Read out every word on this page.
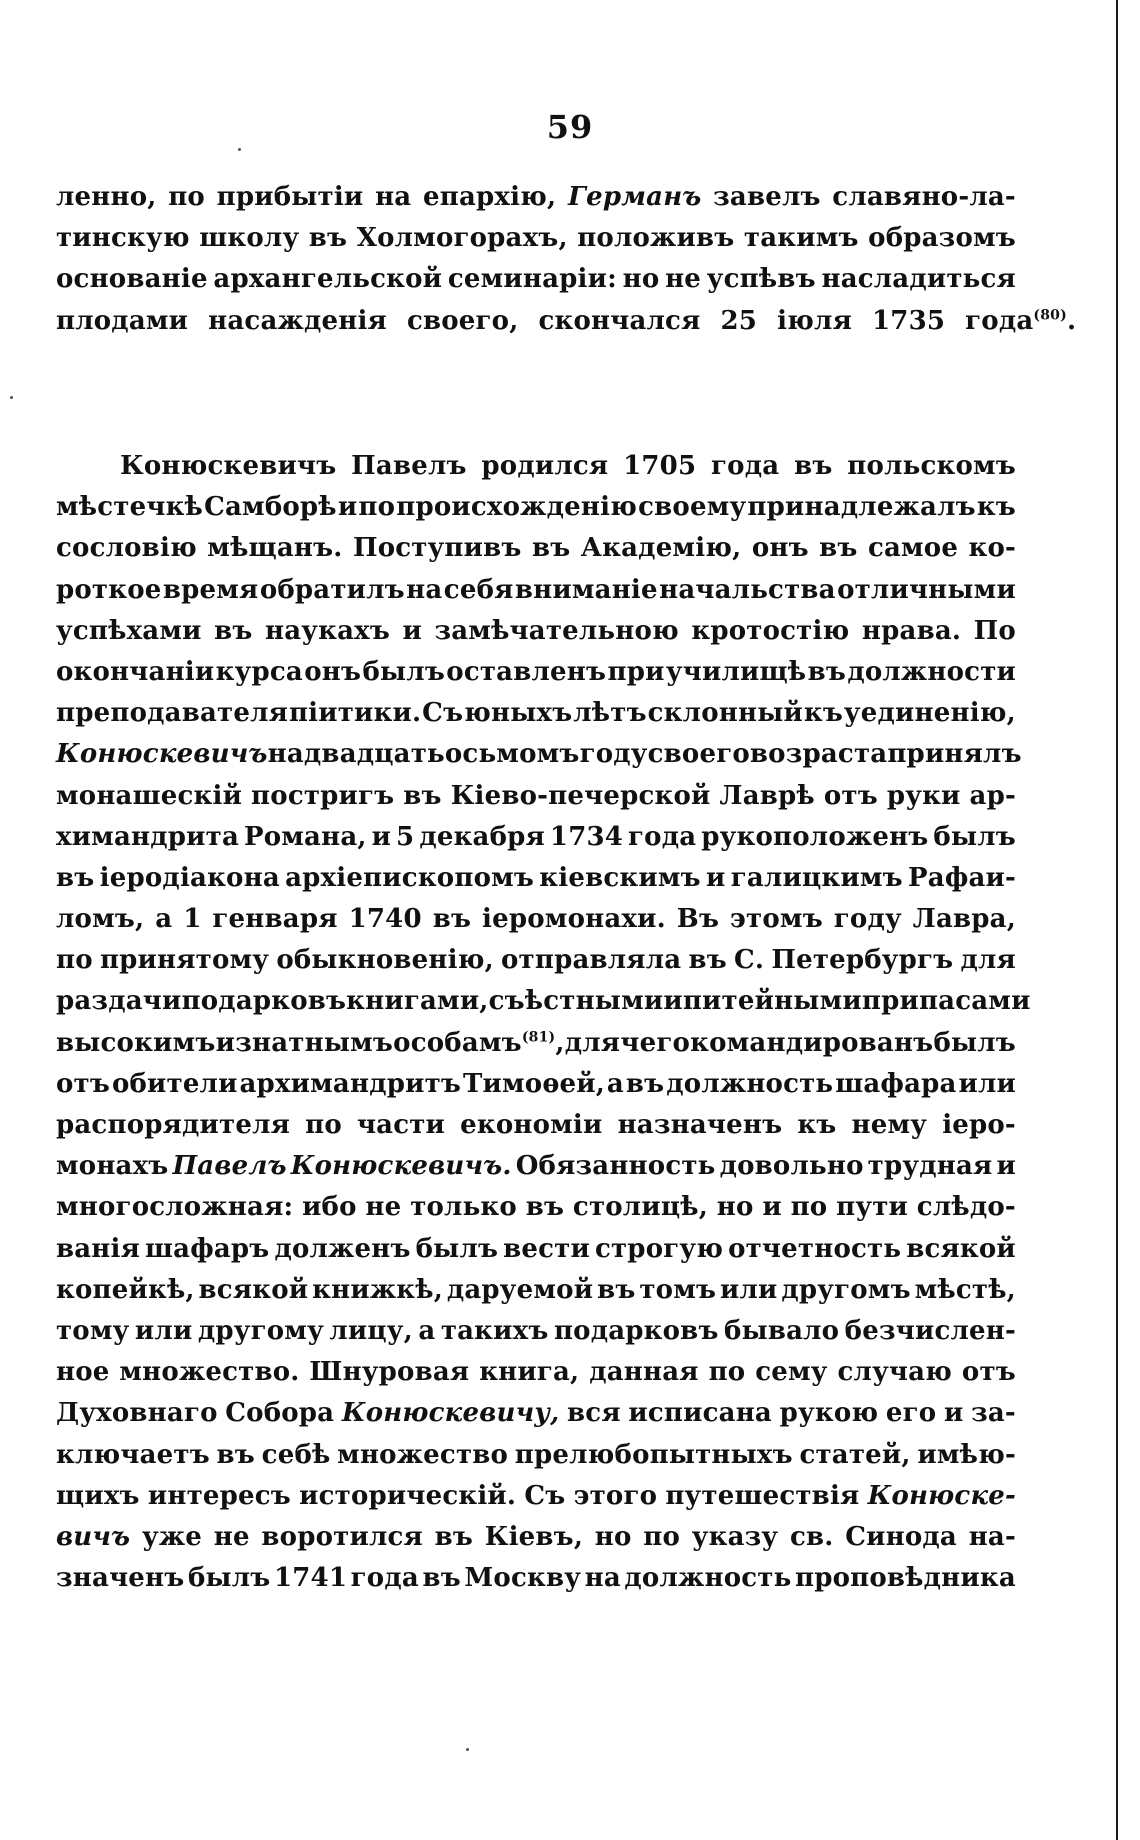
59
ленно, по прибытіи на епархію, Германъ завелъ славяно-ла-
тинскую школу въ Холмогорахъ, положивъ такимъ образомъ
основаніе архангельской семинаріи: но не успѣвъ насладиться
плодами насажденія своего, скончался 25 іюля 1735 года$^{(80)}$.
Конюскевичъ Павелъ родился 1705 года въ польскомъ
мѣстечкѣ Самборѣ и по происхожденію своему принадлежалъ къ
сословію мѣщанъ. Поступивъ въ Академію, онъ въ самое ко-
роткое время обратилъ на себя вниманіе начальства отличными
успѣхами въ наукахъ и замѣчательною кротостію нрава. По
окончаніи курса онъ былъ оставленъ при училищѣ въ должности
преподавателя піитики. Съ юныхъ лѣтъ склонный къ уединенію,
Конюскевичъ на двадцать осьмомъ году своего возраста принялъ
монашескій постригъ въ Кіево-печерской Лаврѣ отъ руки ар-
химандрита Романа, и 5 декабря 1734 года рукоположенъ былъ
въ іеродіакона архіепископомъ кіевскимъ и галицкимъ Рафаи-
ломъ, а 1 генваря 1740 въ іеромонахи. Въ этомъ году Лавра,
по принятому обыкновенію, отправляла въ С. Петербургъ для
раздачи подарковъ книгами, съѣстными и питейными припасами
высокимъ и знатнымъ особамъ$^{(81)}$, для чего командированъ былъ
отъ обители архимандритъ Тимоѳей, а въ должность шафара или
распорядителя по части економіи назначенъ къ нему іеро-
монахъ Павелъ Конюскевичъ. Обязанность довольно трудная и
многосложная: ибо не только въ столицѣ, но и по пути слѣдо-
ванія шафаръ долженъ былъ вести строгую отчетность всякой
копейкѣ, всякой книжкѣ, даруемой въ томъ или другомъ мѣстѣ,
тому или другому лицу, а такихъ подарковъ бывало безчислен-
ное множество. Шнуровая книга, данная по сему случаю отъ
Духовнаго Собора Конюскевичу, вся исписана рукою его и за-
ключаетъ въ себѣ множество прелюбопытныхъ статей, имѣю-
щихъ интересъ историческій. Съ этого путешествія Конюске-
вичъ уже не воротился въ Кіевъ, но по указу св. Синода на-
значенъ былъ 1741 года въ Москву на должность проповѣдника
